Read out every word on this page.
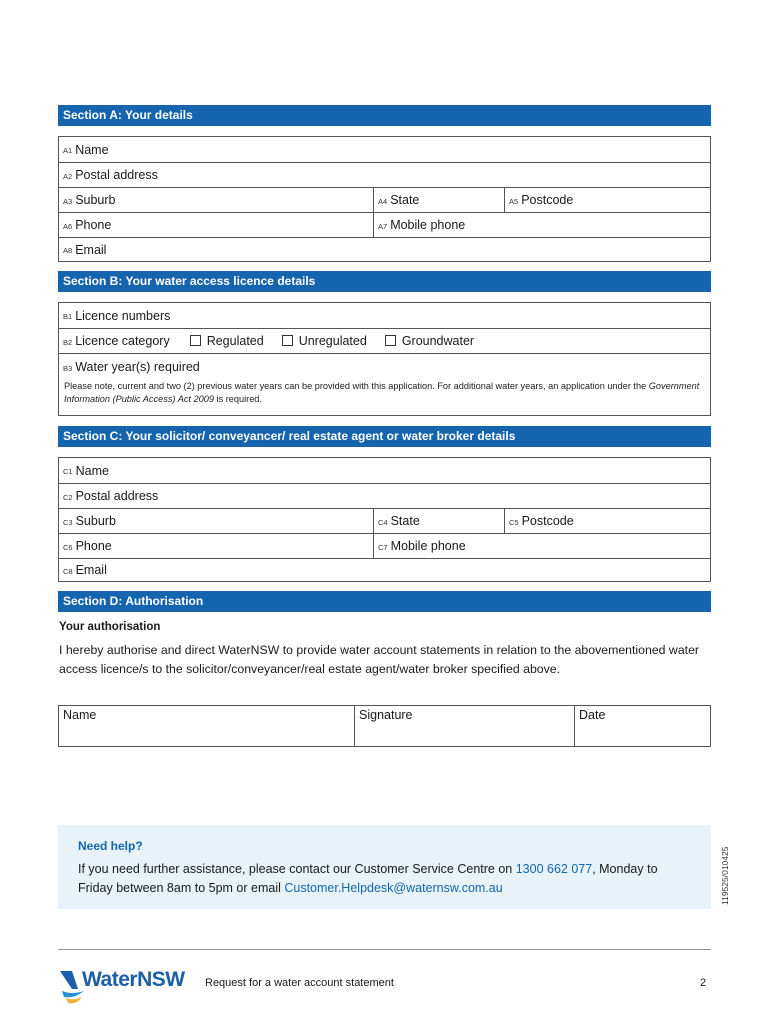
Section A: Your details
A1 Name
A2 Postal address
A3 Suburb	A4 State	A5 Postcode
A6 Phone	A7 Mobile phone
A8 Email
Section B: Your water access licence details
B1 Licence numbers
B2 Licence category	Regulated	Unregulated	Groundwater
B3 Water year(s) required
Please note, current and two (2) previous water years can be provided with this application. For additional water years, an application under the Government Information (Public Access) Act 2009 is required.
Section C: Your solicitor/ conveyancer/ real estate agent or water broker details
C1 Name
C2 Postal address
C3 Suburb	C4 State	C5 Postcode
C6 Phone	C7 Mobile phone
C8 Email
Section D: Authorisation
Your authorisation
I hereby authorise and direct WaterNSW to provide water account statements in relation to the abovementioned water access licence/s to the solicitor/conveyancer/real estate agent/water broker specified above.
Name	Signature	Date
Need help?
If you need further assistance, please contact our Customer Service Centre on 1300 662 077, Monday to Friday between 8am to 5pm or email Customer.Helpdesk@waternsw.com.au	119525/010425
WaterNSW Request for a water account statement	2
